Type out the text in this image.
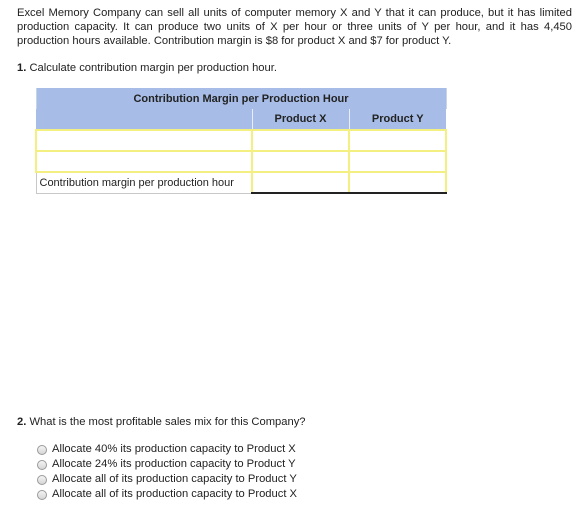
Excel Memory Company can sell all units of computer memory X and Y that it can produce, but it has limited production capacity. It can produce two units of X per hour or three units of Y per hour, and it has 4,450 production hours available. Contribution margin is $8 for product X and $7 for product Y.

1. Calculate contribution margin per production hour.

Contribution Margin per Production Hour		
	Product X	Product Y

Contribution margin per production hour		

2. What is the most profitable sales mix for this Company?

Allocate 40% its production capacity to Product X
Allocate 24% its production capacity to Product Y
Allocate all of its production capacity to Product Y
Allocate all of its production capacity to Product X
